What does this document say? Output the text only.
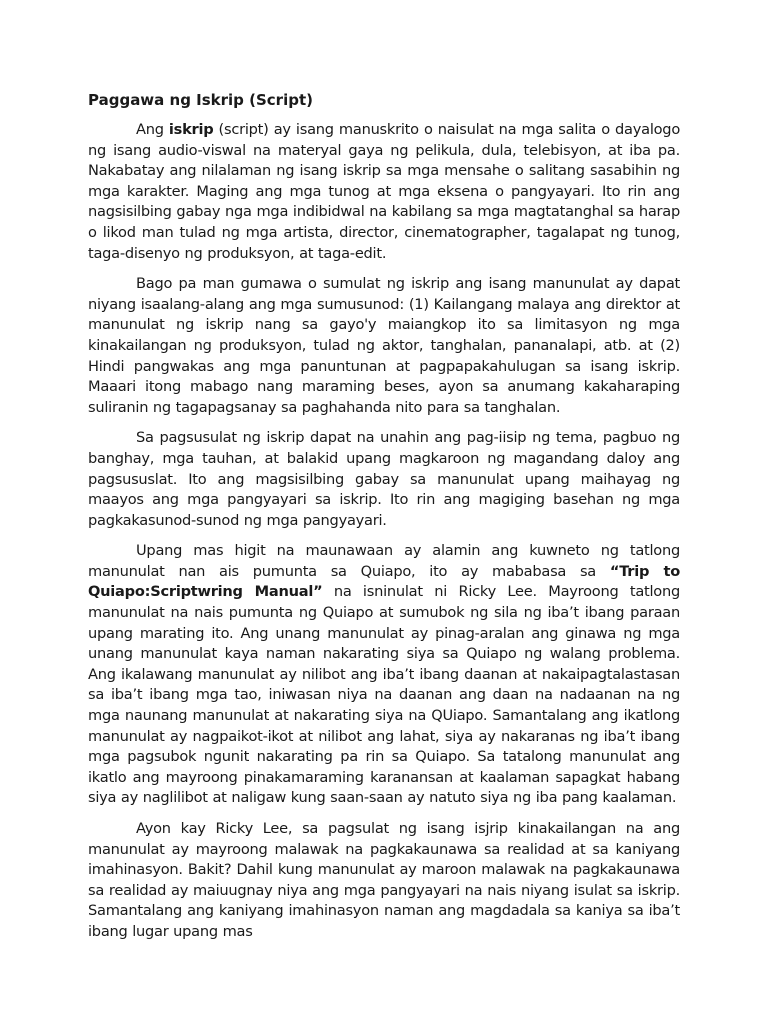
Paggawa ng Iskrip (Script)

Ang iskrip (script) ay isang manuskrito o naisulat na mga salita o dayalogo ng isang audio-viswal na materyal gaya ng pelikula, dula, telebisyon, at iba pa. Nakabatay ang nilalaman ng isang iskrip sa mga mensahe o salitang sasabihin ng mga karakter. Maging ang mga tunog at mga eksena o pangyayari. Ito rin ang nagsisilbing gabay nga mga indibidwal na kabilang sa mga magtatanghal sa harap o likod man tulad ng mga artista, director, cinematographer, tagalapat ng tunog, taga-disenyo ng produksyon, at taga-edit.

Bago pa man gumawa o sumulat ng iskrip ang isang manunulat ay dapat niyang isaalang-alang ang mga sumusunod: (1) Kailangang malaya ang direktor at manunulat ng iskrip nang sa gayo'y maiangkop ito sa limitasyon ng mga kinakailangan ng produksyon, tulad ng aktor, tanghalan, pananalapi, atb. at (2) Hindi pangwakas ang mga panuntunan at pagpapakahulugan sa isang iskrip. Maaari itong mabago nang maraming beses, ayon sa anumang kakaharaping suliranin ng tagapagsanay sa paghahanda nito para sa tanghalan.

Sa pagsusulat ng iskrip dapat na unahin ang pag-iisip ng tema, pagbuo ng banghay, mga tauhan, at balakid upang magkaroon ng magandang daloy ang pagsususlat. Ito ang magsisilbing gabay sa manunulat upang maihayag ng maayos ang mga pangyayari sa iskrip. Ito rin ang magiging basehan ng mga pagkakasunod-sunod ng mga pangyayari.

Upang mas higit na maunawaan ay alamin ang kuwneto ng tatlong manunulat nan ais pumunta sa Quiapo, ito ay mababasa sa “Trip to Quiapo:Scriptwring Manual” na isninulat ni Ricky Lee. Mayroong tatlong manunulat na nais pumunta ng Quiapo at sumubok ng sila ng iba’t ibang paraan upang marating ito. Ang unang manunulat ay pinag-aralan ang ginawa ng mga unang manunulat kaya naman nakarating siya sa Quiapo ng walang problema. Ang ikalawang manunulat ay nilibot ang iba’t ibang daanan at nakaipagtalastasan sa iba’t ibang mga tao, iniwasan niya na daanan ang daan na nadaanan na ng mga naunang manunulat at nakarating siya na QUiapo. Samantalang ang ikatlong manunulat ay nagpaikot-ikot at nilibot ang lahat, siya ay nakaranas ng iba’t ibang mga pagsubok ngunit nakarating pa rin sa Quiapo. Sa tatalong manunulat ang ikatlo ang mayroong pinakamaraming karanansan at kaalaman sapagkat habang siya ay naglilibot at naligaw kung saan-saan ay natuto siya ng iba pang kaalaman.

Ayon kay Ricky Lee, sa pagsulat ng isang isjrip kinakailangan na ang manunulat ay mayroong malawak na pagkakaunawa sa realidad at sa kaniyang imahinasyon. Bakit? Dahil kung manunulat ay maroon malawak na pagkakaunawa sa realidad ay maiuugnay niya ang mga pangyayari na nais niyang isulat sa iskrip. Samantalang ang kaniyang imahinasyon naman ang magdadala sa kaniya sa iba’t ibang lugar upang mas
